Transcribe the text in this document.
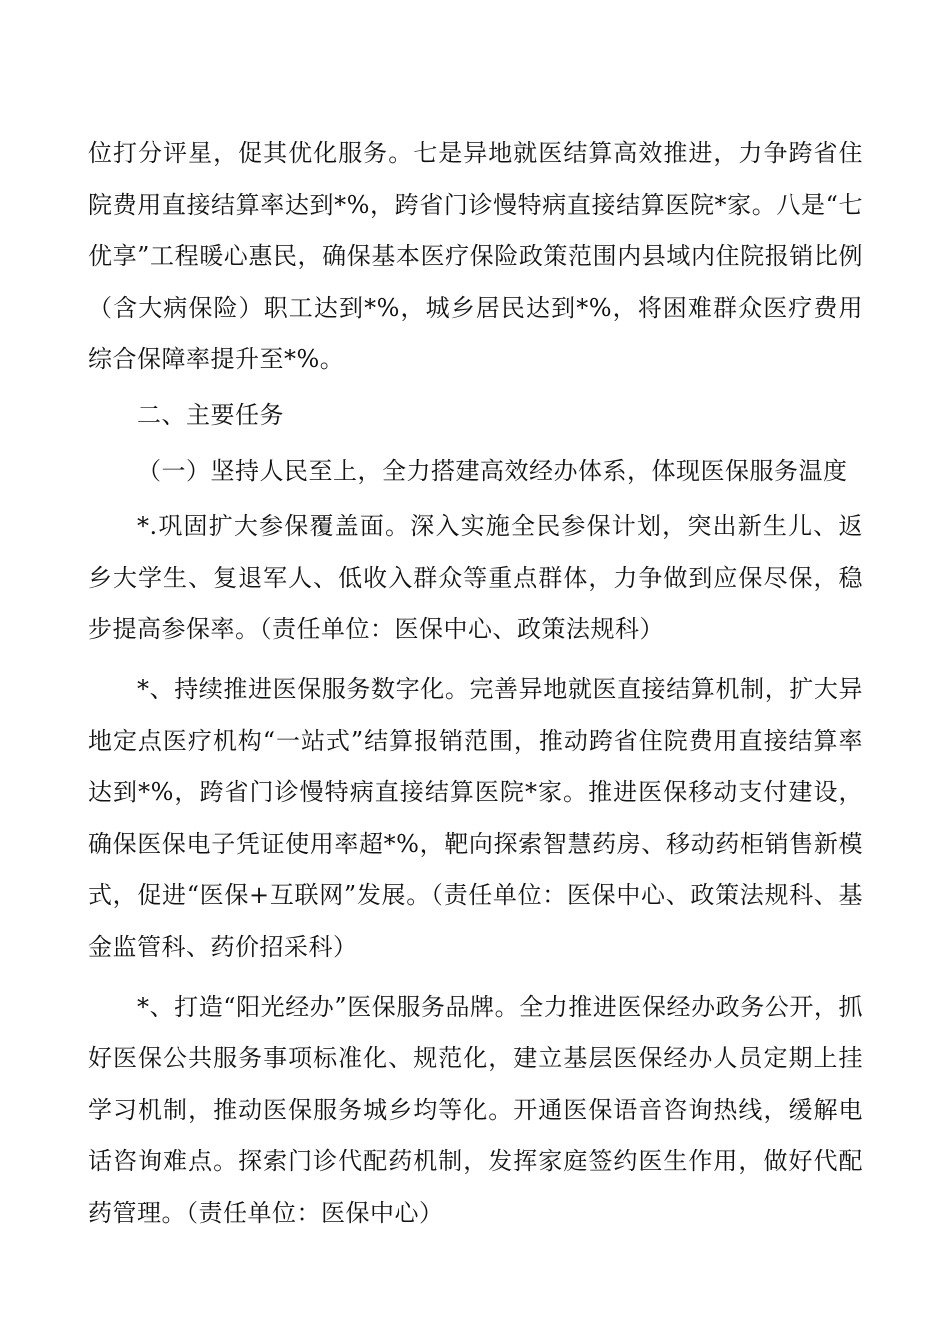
位打分评星，促其优化服务。七是异地就医结算高效推进，力争跨省住院费用直接结算率达到*%，跨省门诊慢特病直接结算医院*家。八是“七优享”工程暖心惠民，确保基本医疗保险政策范围内县域内住院报销比例（含大病保险）职工达到*%，城乡居民达到*%，将困难群众医疗费用综合保障率提升至*%。

二、主要任务

（一）坚持人民至上，全力搭建高效经办体系，体现医保服务温度

*.巩固扩大参保覆盖面。深入实施全民参保计划，突出新生儿、返乡大学生、复退军人、低收入群众等重点群体，力争做到应保尽保，稳步提高参保率。（责任单位：医保中心、政策法规科）

*、持续推进医保服务数字化。完善异地就医直接结算机制，扩大异地定点医疗机构“一站式”结算报销范围，推动跨省住院费用直接结算率达到*%，跨省门诊慢特病直接结算医院*家。推进医保移动支付建设，确保医保电子凭证使用率超*%，靶向探索智慧药房、移动药柜销售新模式，促进“医保+互联网”发展。（责任单位：医保中心、政策法规科、基金监管科、药价招采科）

*、打造“阳光经办”医保服务品牌。全力推进医保经办政务公开，抓好医保公共服务事项标准化、规范化，建立基层医保经办人员定期上挂学习机制，推动医保服务城乡均等化。开通医保语音咨询热线，缓解电话咨询难点。探索门诊代配药机制，发挥家庭签约医生作用，做好代配药管理。（责任单位：医保中心）
